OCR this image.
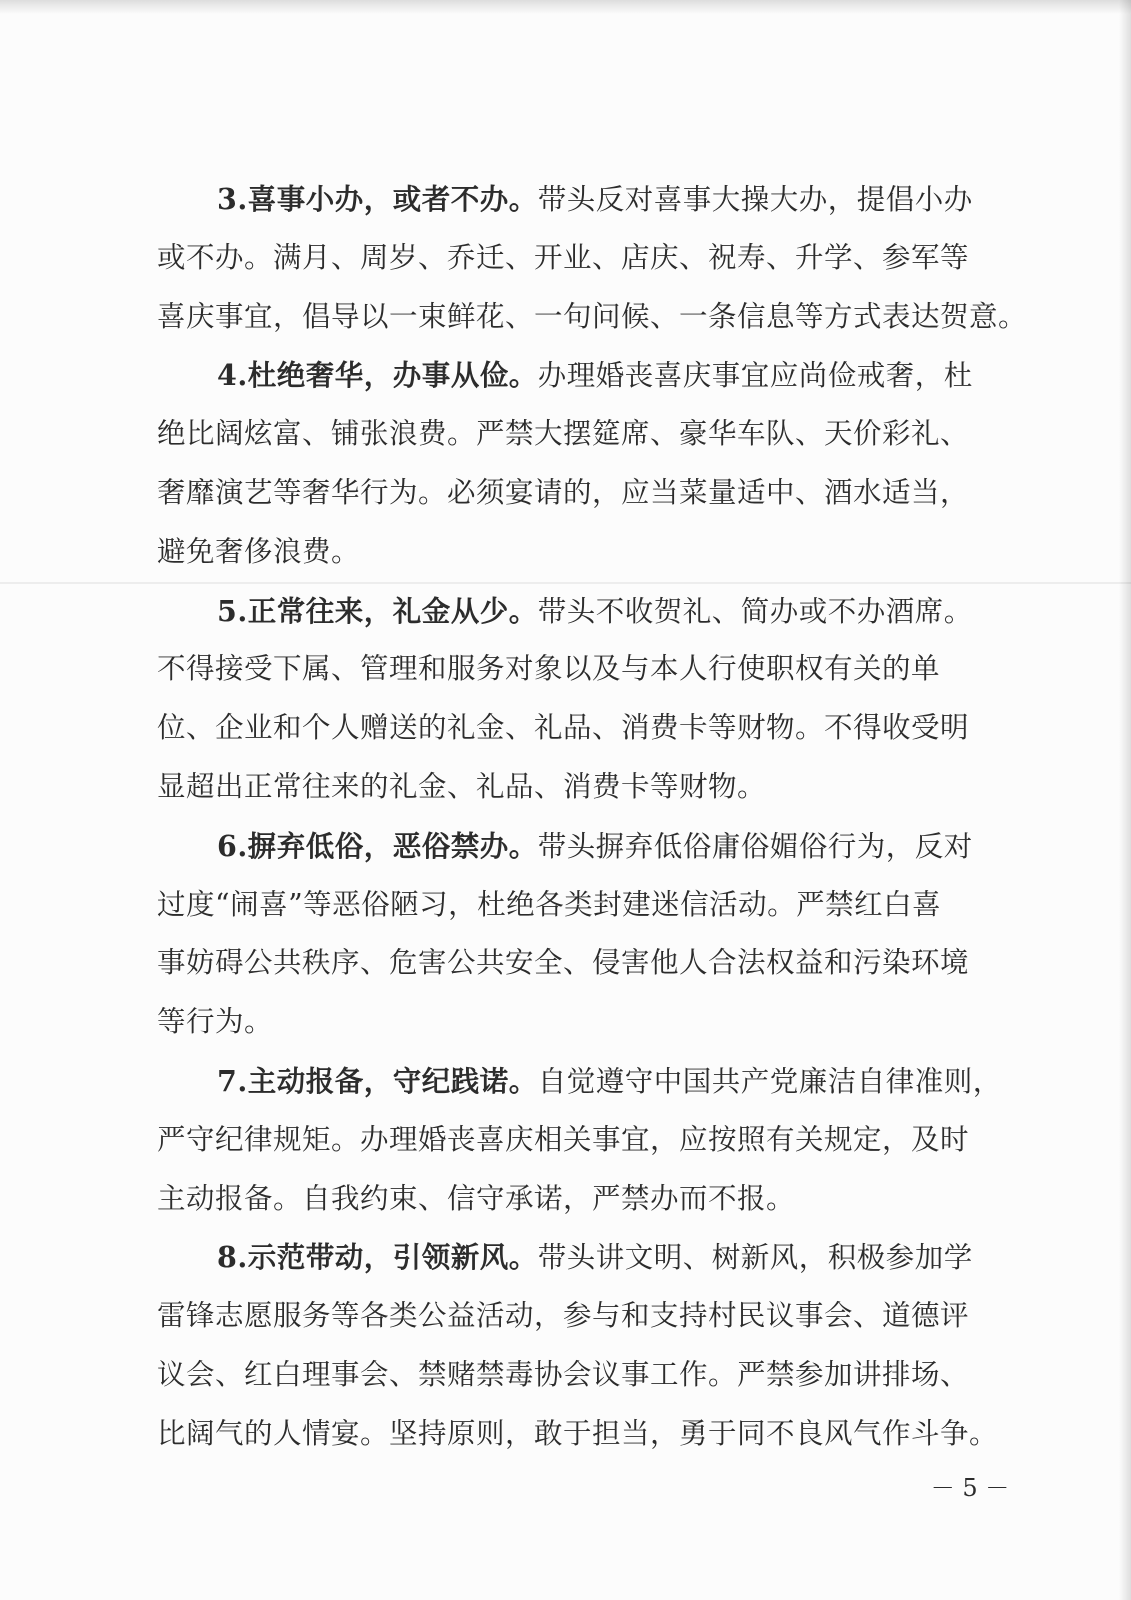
3.喜事小办，或者不办。带头反对喜事大操大办，提倡小办
或不办。满月、周岁、乔迁、开业、店庆、祝寿、升学、参军等
喜庆事宜，倡导以一束鲜花、一句问候、一条信息等方式表达贺意。
4.杜绝奢华，办事从俭。办理婚丧喜庆事宜应尚俭戒奢，杜
绝比阔炫富、铺张浪费。严禁大摆筵席、豪华车队、天价彩礼、
奢靡演艺等奢华行为。必须宴请的，应当菜量适中、酒水适当，
避免奢侈浪费。
5.正常往来，礼金从少。带头不收贺礼、简办或不办酒席。
不得接受下属、管理和服务对象以及与本人行使职权有关的单
位、企业和个人赠送的礼金、礼品、消费卡等财物。不得收受明
显超出正常往来的礼金、礼品、消费卡等财物。
6.摒弃低俗，恶俗禁办。带头摒弃低俗庸俗媚俗行为，反对
过度“闹喜”等恶俗陋习，杜绝各类封建迷信活动。严禁红白喜
事妨碍公共秩序、危害公共安全、侵害他人合法权益和污染环境
等行为。
7.主动报备，守纪践诺。自觉遵守中国共产党廉洁自律准则，
严守纪律规矩。办理婚丧喜庆相关事宜，应按照有关规定，及时
主动报备。自我约束、信守承诺，严禁办而不报。
8.示范带动，引领新风。带头讲文明、树新风，积极参加学
雷锋志愿服务等各类公益活动，参与和支持村民议事会、道德评
议会、红白理事会、禁赌禁毒协会议事工作。严禁参加讲排场、
比阔气的人情宴。坚持原则，敢于担当，勇于同不良风气作斗争。
－ 5 －
